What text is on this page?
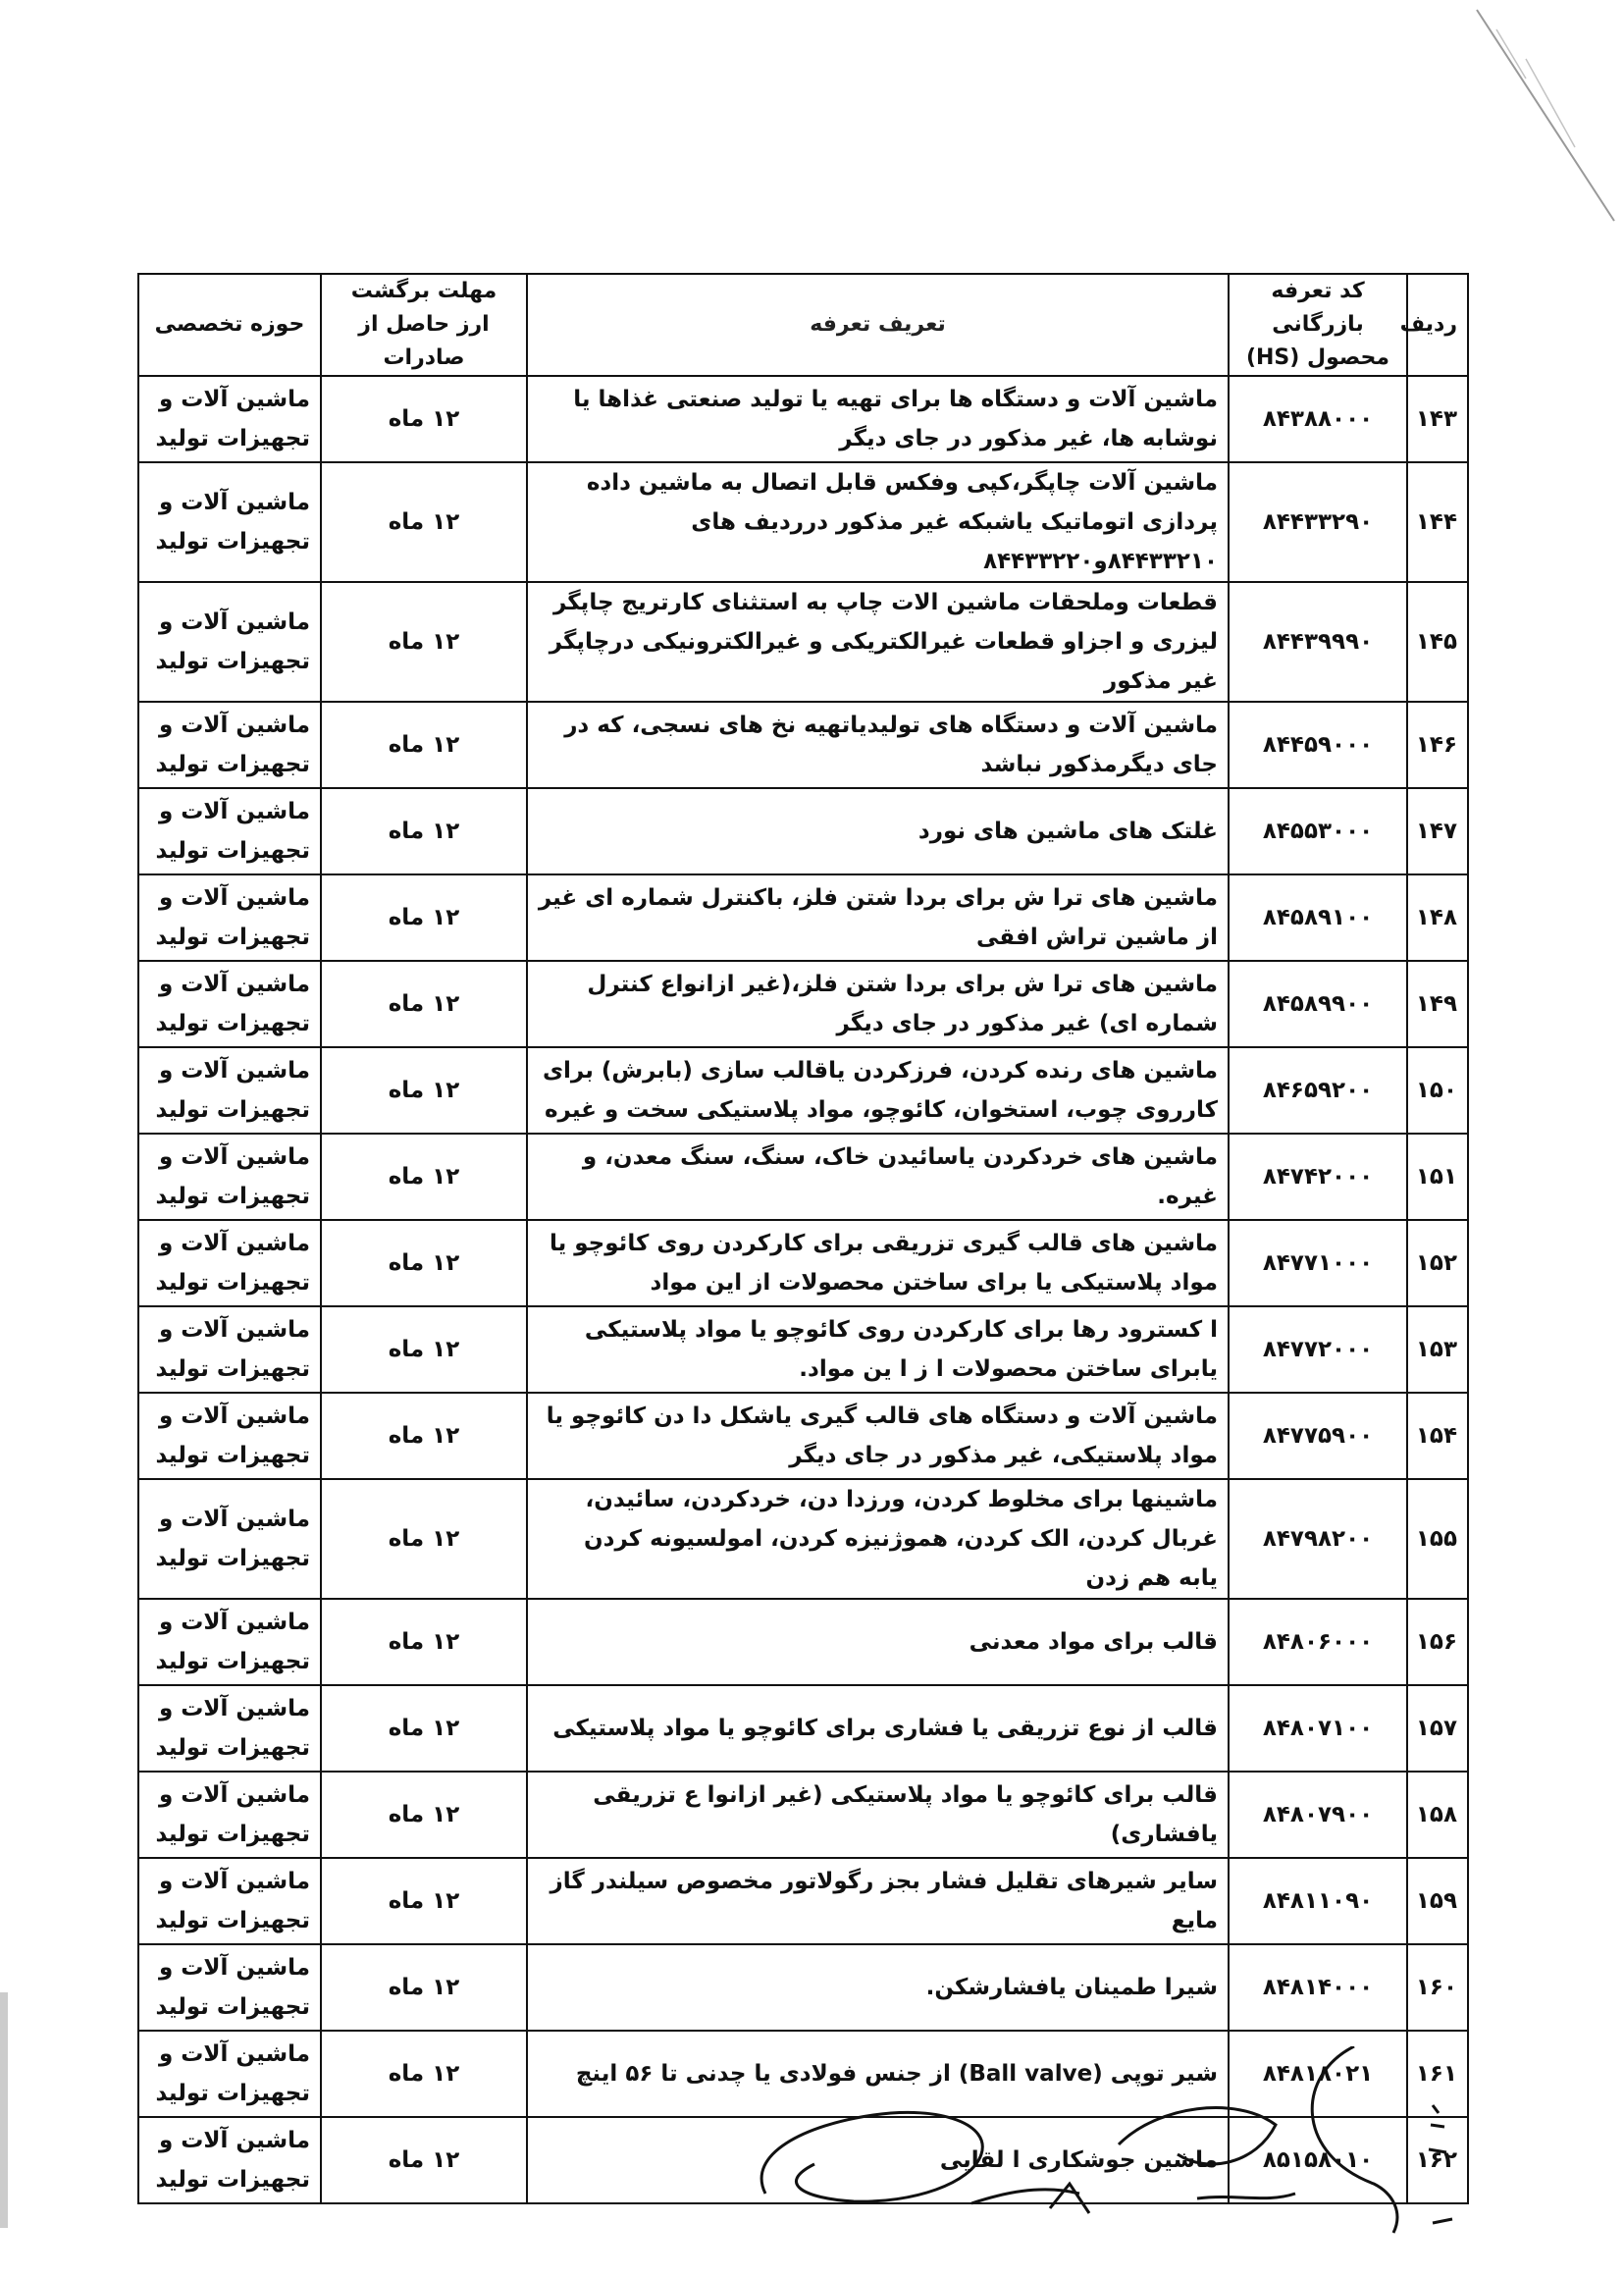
ردیف	کد تعرفه بازرگانی محصول (HS)	تعریف تعرفه	مهلت برگشت ارز حاصل از صادرات	حوزه تخصصی
۱۴۳	۸۴۳۸۸۰۰۰	ماشین آلات و دستگاه ها برای تهیه یا تولید صنعتی غذاها یا نوشابه ها، غیر مذکور در جای دیگر	۱۲ ماه	ماشین آلات و تجهیزات تولید
۱۴۴	۸۴۴۳۳۲۹۰	ماشین آلات چاپگر،کپی وفکس قابل اتصال به ماشین داده پردازی اتوماتیک یاشبکه غیر مذکور درردیف های ۸۴۴۳۳۲۱۰و۸۴۴۳۳۲۲۰	۱۲ ماه	ماشین آلات و تجهیزات تولید
۱۴۵	۸۴۴۳۹۹۹۰	قطعات وملحقات ماشین الات چاپ به استثنای کارتریج چاپگر لیزری و اجزاو قطعات غیرالکتریکی و غیرالکترونیکی درچاپگر غیر مذکور	۱۲ ماه	ماشین آلات و تجهیزات تولید
۱۴۶	۸۴۴۵۹۰۰۰	ماشین آلات و دستگاه های تولیدیاتهیه نخ های نسجی، که در جای دیگرمذکور نباشد	۱۲ ماه	ماشین آلات و تجهیزات تولید
۱۴۷	۸۴۵۵۳۰۰۰	غلتک های ماشین های نورد	۱۲ ماه	ماشین آلات و تجهیزات تولید
۱۴۸	۸۴۵۸۹۱۰۰	ماشین های ترا ش برای بردا شتن فلز، باکنترل شماره ای غیر از ماشین تراش افقی	۱۲ ماه	ماشین آلات و تجهیزات تولید
۱۴۹	۸۴۵۸۹۹۰۰	ماشین های ترا ش برای بردا شتن فلز،(غیر ازانواع کنترل شماره ای) غیر مذکور در جای دیگر	۱۲ ماه	ماشین آلات و تجهیزات تولید
۱۵۰	۸۴۶۵۹۲۰۰	ماشین های رنده کردن، فرزکردن یاقالب سازی (بابرش) برای کارروی چوب، استخوان، کائوچو، مواد پلاستیکی سخت و غیره	۱۲ ماه	ماشین آلات و تجهیزات تولید
۱۵۱	۸۴۷۴۲۰۰۰	ماشین های خردکردن یاسائیدن خاک، سنگ، سنگ معدن، و غیره.	۱۲ ماه	ماشین آلات و تجهیزات تولید
۱۵۲	۸۴۷۷۱۰۰۰	ماشین های قالب گیری تزریقی برای کارکردن روی کائوچو یا مواد پلاستیکی یا برای ساختن محصولات از این مواد	۱۲ ماه	ماشین آلات و تجهیزات تولید
۱۵۳	۸۴۷۷۲۰۰۰	ا کسترود رها برای کارکردن روی کائوچو یا مواد پلاستیکی یابرای ساختن محصولات ا ز ا ین مواد.	۱۲ ماه	ماشین آلات و تجهیزات تولید
۱۵۴	۸۴۷۷۵۹۰۰	ماشین آلات و دستگاه های قالب گیری یاشکل دا دن کائوچو یا مواد پلاستیکی، غیر مذکور در جای دیگر	۱۲ ماه	ماشین آلات و تجهیزات تولید
۱۵۵	۸۴۷۹۸۲۰۰	ماشینها برای مخلوط کردن، ورزدا دن، خردکردن، سائیدن، غربال کردن، الک کردن، هموژنیزه کردن، امولسیونه کردن یابه هم زدن	۱۲ ماه	ماشین آلات و تجهیزات تولید
۱۵۶	۸۴۸۰۶۰۰۰	قالب برای مواد معدنی	۱۲ ماه	ماشین آلات و تجهیزات تولید
۱۵۷	۸۴۸۰۷۱۰۰	قالب از نوع تزریقی یا فشاری برای کائوچو یا مواد پلاستیکی	۱۲ ماه	ماشین آلات و تجهیزات تولید
۱۵۸	۸۴۸۰۷۹۰۰	قالب برای کائوچو یا مواد پلاستیکی (غیر ازانوا ع تزریقی یافشاری)	۱۲ ماه	ماشین آلات و تجهیزات تولید
۱۵۹	۸۴۸۱۱۰۹۰	سایر شیرهای تقلیل فشار بجز رگولاتور مخصوص سیلندر گاز مایع	۱۲ ماه	ماشین آلات و تجهیزات تولید
۱۶۰	۸۴۸۱۴۰۰۰	شیرا طمینان یافشارشکن.	۱۲ ماه	ماشین آلات و تجهیزات تولید
۱۶۱	۸۴۸۱۸۰۲۱	شیر توپی (Ball valve) از جنس فولادی یا چدنی تا ۵۶ اینچ	۱۲ ماه	ماشین آلات و تجهیزات تولید
۱۶۲	۸۵۱۵۸۰۱۰	ماشین جوشکاری ا لقایی	۱۲ ماه	ماشین آلات و تجهیزات تولید
